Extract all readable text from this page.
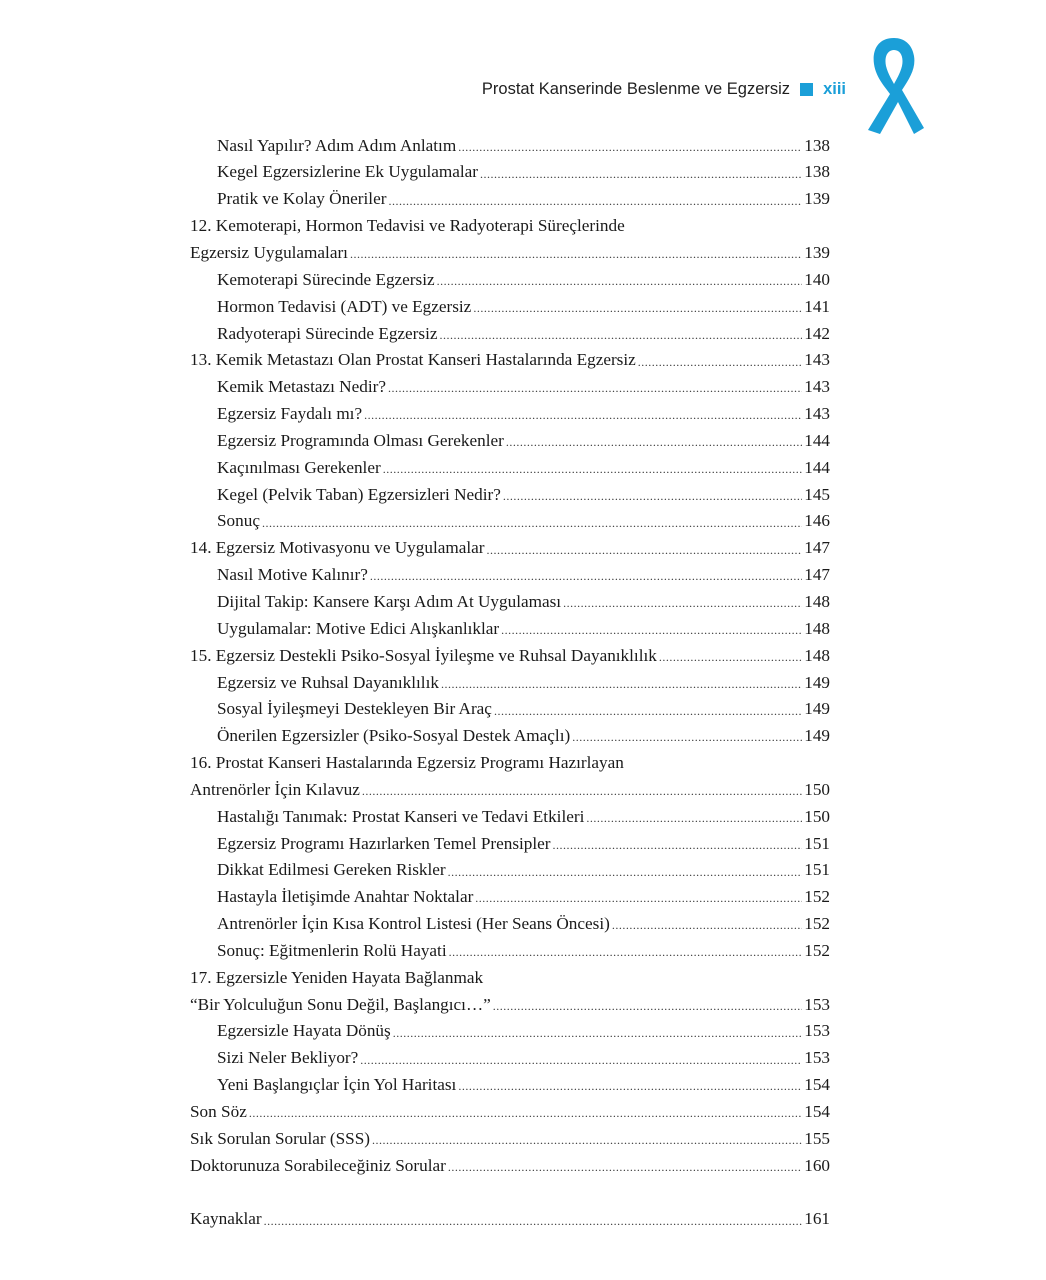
Prostat Kanserinde Beslenme ve Egzersiz xiii
Nasıl Yapılır? Adım Adım Anlatım .....	138
Kegel Egzersizlerine Ek Uygulamalar .....	138
Pratik ve Kolay Öneriler .....	139
12. Kemoterapi, Hormon Tedavisi ve Radyoterapi Süreçlerinde
Egzersiz Uygulamaları .....	139
Kemoterapi Sürecinde Egzersiz .....	140
Hormon Tedavisi (ADT) ve Egzersiz .....	141
Radyoterapi Sürecinde Egzersiz .....	142
13. Kemik Metastazı Olan Prostat Kanseri Hastalarında Egzersiz .....	143
Kemik Metastazı Nedir? .....	143
Egzersiz Faydalı mı? .....	143
Egzersiz Programında Olması Gerekenler .....	144
Kaçınılması Gerekenler .....	144
Kegel (Pelvik Taban) Egzersizleri Nedir? .....	145
Sonuç .....	146
14. Egzersiz Motivasyonu ve Uygulamalar .....	147
Nasıl Motive Kalınır? .....	147
Dijital Takip: Kansere Karşı Adım At Uygulaması .....	148
Uygulamalar: Motive Edici Alışkanlıklar .....	148
15. Egzersiz Destekli Psiko-Sosyal İyileşme ve Ruhsal Dayanıklılık .....	148
Egzersiz ve Ruhsal Dayanıklılık .....	149
Sosyal İyileşmeyi Destekleyen Bir Araç .....	149
Önerilen Egzersizler (Psiko-Sosyal Destek Amaçlı) .....	149
16. Prostat Kanseri Hastalarında Egzersiz Programı Hazırlayan
Antrenörler İçin Kılavuz .....	150
Hastalığı Tanımak: Prostat Kanseri ve Tedavi Etkileri .....	150
Egzersiz Programı Hazırlarken Temel Prensipler .....	151
Dikkat Edilmesi Gereken Riskler .....	151
Hastayla İletişimde Anahtar Noktalar .....	152
Antrenörler İçin Kısa Kontrol Listesi (Her Seans Öncesi) .....	152
Sonuç: Eğitmenlerin Rolü Hayati .....	152
17. Egzersizle Yeniden Hayata Bağlanmak
“Bir Yolculuğun Sonu Değil, Başlangıcı…” .....	153
Egzersizle Hayata Dönüş .....	153
Sizi Neler Bekliyor? .....	153
Yeni Başlangıçlar İçin Yol Haritası .....	154
Son Söz .....	154
Sık Sorulan Sorular (SSS) .....	155
Doktorunuza Sorabileceğiniz Sorular .....	160
Kaynaklar .....	161
